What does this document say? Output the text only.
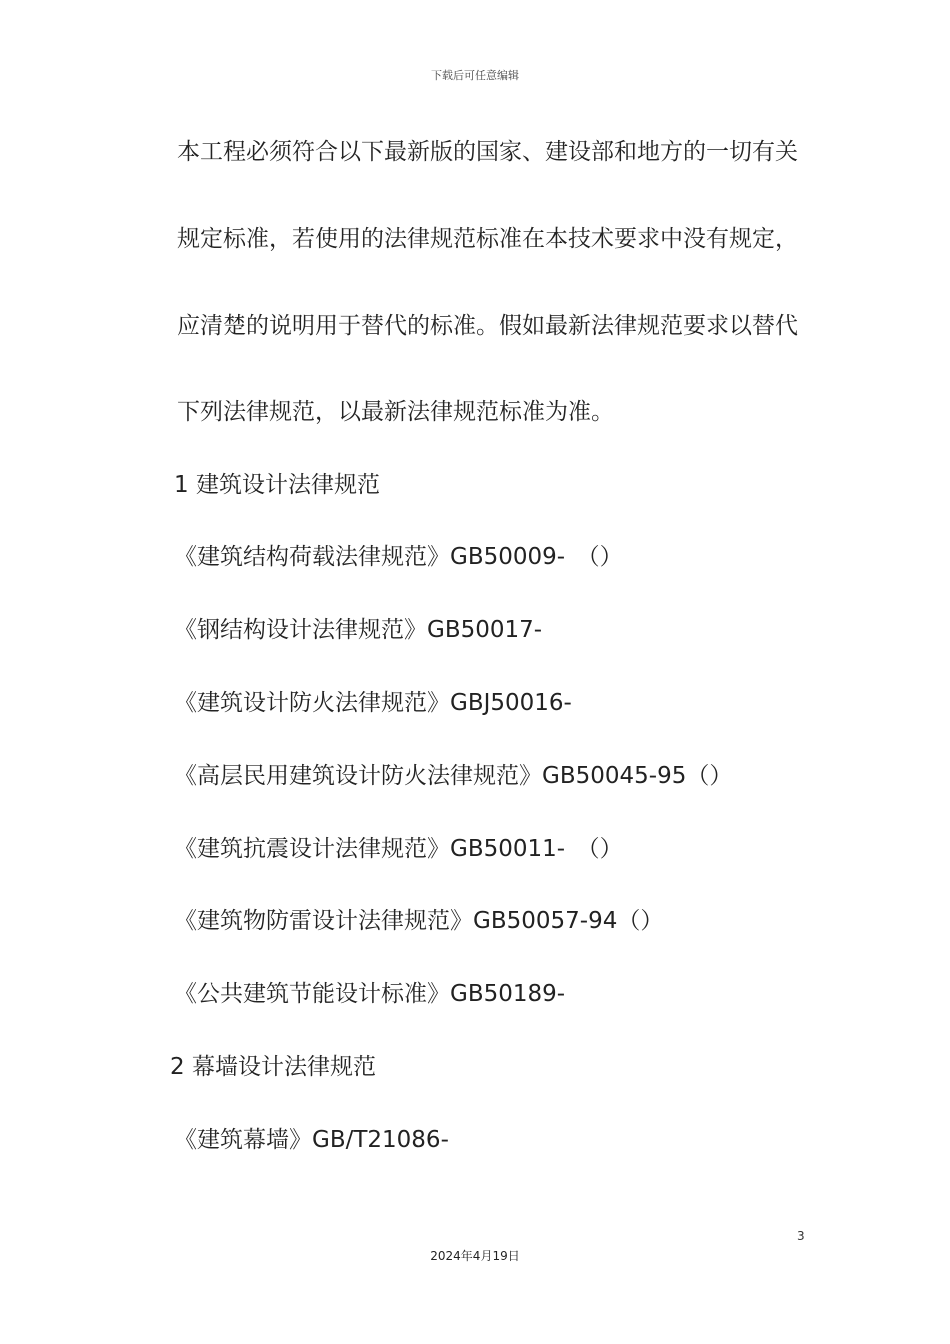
下载后可任意编辑
本工程必须符合以下最新版的国家、建设部和地方的一切有关
规定标准，若使用的法律规范标准在本技术要求中没有规定，
应清楚的说明用于替代的标准。假如最新法律规范要求以替代
下列法律规范，以最新法律规范标准为准。
1 建筑设计法律规范
《建筑结构荷载法律规范》GB50009-　（）
《钢结构设计法律规范》GB50017-
《建筑设计防火法律规范》GBJ50016-
《高层民用建筑设计防火法律规范》GB50045-95（）
《建筑抗震设计法律规范》GB50011-　（）
《建筑物防雷设计法律规范》GB50057-94（）
《公共建筑节能设计标准》GB50189-
2 幕墙设计法律规范
《建筑幕墙》GB/T21086-
3
2024年4月19日
